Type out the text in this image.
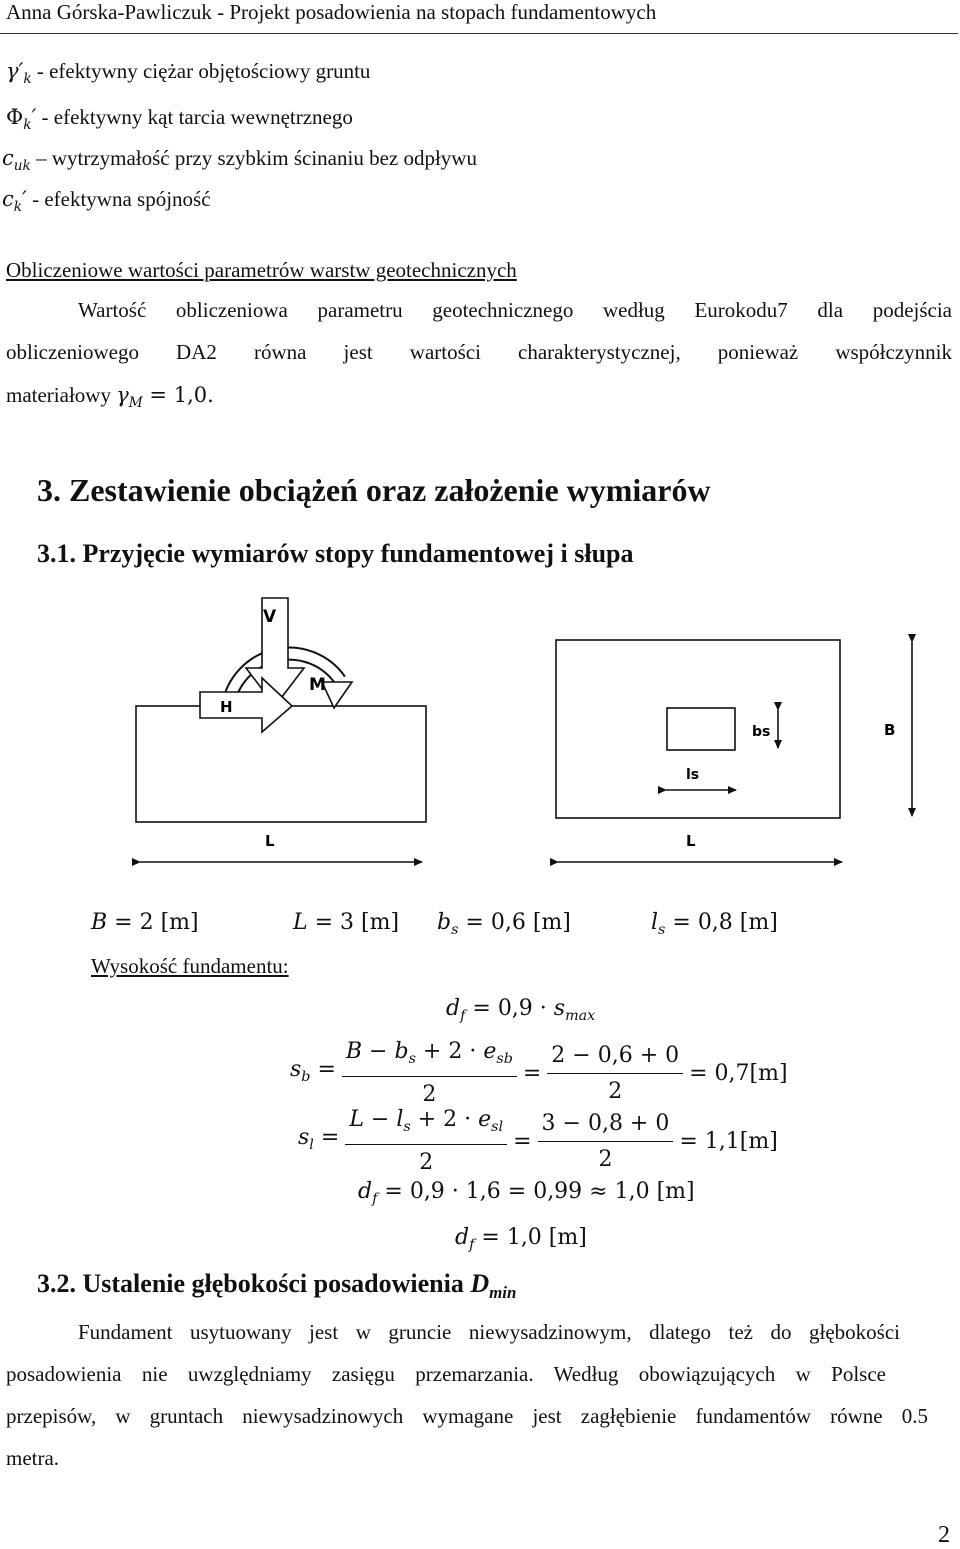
Anna Górska-Pawliczuk - Projekt posadowienia na stopach fundamentowych
$\gamma'_k$ - efektywny ciężar objętościowy gruntu
$\Phi_k'$ - efektywny kąt tarcia wewnętrznego
$c_{uk}$ – wytrzymałość przy szybkim ścinaniu bez odpływu
$c_k'$ - efektywna spójność
Obliczeniowe wartości parametrów warstw geotechnicznych
Wartość obliczeniowa parametru geotechnicznego według Eurokodu7 dla podejścia
obliczeniowego DA2 równa jest wartości charakterystycznej, ponieważ współczynnik
materiałowy $\gamma_M = 1,0$.
3. Zestawienie obciążeń oraz założenie wymiarów
3.1. Przyjęcie wymiarów stopy fundamentowej i słupa
V
M
H
L
bs
ls
B
L
B = 2 [m]	L = 3 [m] $b_s = 0,6$ [m]	$l_s = 0,8$ [m]
Wysokość fundamentu:
$d_f = 0,9 \cdot s_{max}$
$s_b = \frac{B - b_s + 2 \cdot e_{sb}}{2} = \frac{2 - 0,6 + 0}{2} = 0,7[m]$
$s_l = \frac{L - l_s + 2 \cdot e_{sl}}{2} = \frac{3 - 0,8 + 0}{2} = 1,1[m]$
$d_f = 0,9 \cdot 1,6 = 0,99 \approx 1,0$ [m]
$d_f = 1,0$ [m]
3.2. Ustalenie głębokości posadowienia $D_{min}$
Fundament usytuowany jest w gruncie niewysadzinowym, dlatego też do głębokości
posadowienia nie uwzględniamy zasięgu przemarzania. Według obowiązujących w Polsce
przepisów, w gruntach niewysadzinowych wymagane jest zagłębienie fundamentów równe 0.5
metra.
2
